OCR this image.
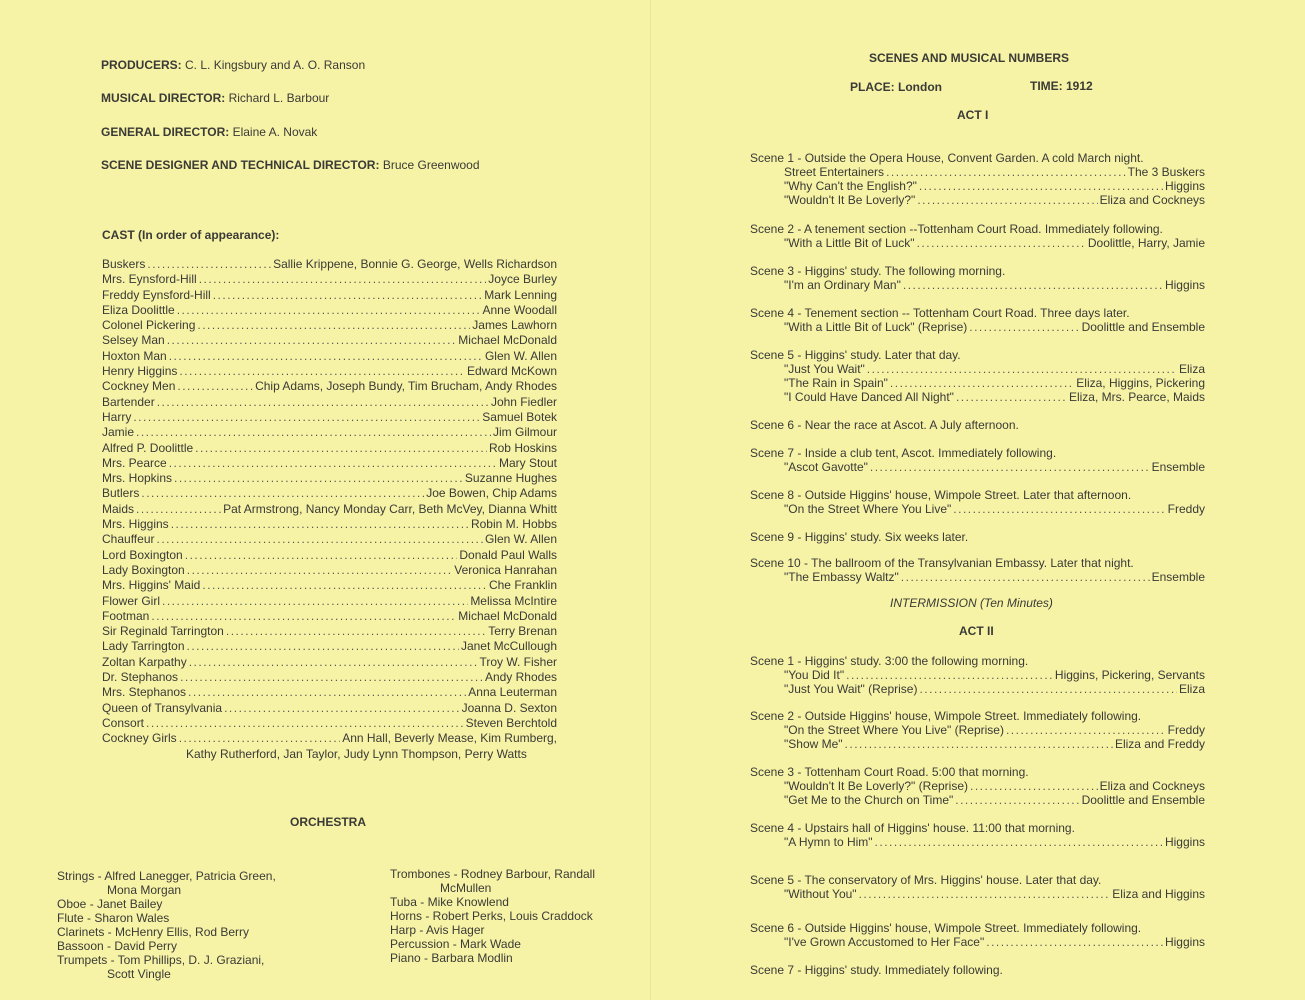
PRODUCERS: C. L. Kingsbury and A. O. Ranson
MUSICAL DIRECTOR: Richard L. Barbour
GENERAL DIRECTOR: Elaine A. Novak
SCENE DESIGNER AND TECHNICAL DIRECTOR: Bruce Greenwood
CAST (In order of appearance):
Buskers .....	Sallie Krippene, Bonnie G. George, Wells Richardson
Mrs. Eynsford-Hill .....	Joyce Burley
Freddy Eynsford-Hill .....	Mark Lenning
Eliza Doolittle .....	Anne Woodall
Colonel Pickering .....	James Lawhorn
Selsey Man .....	Michael McDonald
Hoxton Man .....	Glen W. Allen
Henry Higgins .....	Edward McKown
Cockney Men .....	Chip Adams, Joseph Bundy, Tim Brucham, Andy Rhodes
Bartender .....	John Fiedler
Harry .....	Samuel Botek
Jamie .....	Jim Gilmour
Alfred P. Doolittle .....	Rob Hoskins
Mrs. Pearce .....	Mary Stout
Mrs. Hopkins .....	Suzanne Hughes
Butlers .....	Joe Bowen, Chip Adams
Maids .....	Pat Armstrong, Nancy Monday Carr, Beth McVey, Dianna Whitt
Mrs. Higgins .....	Robin M. Hobbs
Chauffeur .....	Glen W. Allen
Lord Boxington .....	Donald Paul Walls
Lady Boxington .....	Veronica Hanrahan
Mrs. Higgins' Maid .....	Che Franklin
Flower Girl .....	Melissa McIntire
Footman .....	Michael McDonald
Sir Reginald Tarrington .....	Terry Brenan
Lady Tarrington .....	Janet McCullough
Zoltan Karpathy .....	Troy W. Fisher
Dr. Stephanos .....	Andy Rhodes
Mrs. Stephanos .....	Anna Leuterman
Queen of Transylvania .....	Joanna D. Sexton
Consort .....	Steven Berchtold
Cockney Girls .....	Ann Hall, Beverly Mease, Kim Rumberg,
Kathy Rutherford, Jan Taylor, Judy Lynn Thompson, Perry Watts
ORCHESTRA
Strings - Alfred Lanegger, Patricia Green,
Mona Morgan
Oboe - Janet Bailey
Flute - Sharon Wales
Clarinets - McHenry Ellis, Rod Berry
Bassoon - David Perry
Trumpets - Tom Phillips, D. J. Graziani,
Scott Vingle
Trombones - Rodney Barbour, Randall
McMullen
Tuba - Mike Knowlend
Horns - Robert Perks, Louis Craddock
Harp - Avis Hager
Percussion - Mark Wade
Piano - Barbara Modlin
SCENES AND MUSICAL NUMBERS
PLACE: London	TIME: 1912
ACT I
INTERMISSION (Ten Minutes)
ACT II
Scene 1 - Outside the Opera House, Convent Garden. A cold March night.
Street Entertainers .....	The 3 Buskers
"Why Can't the English?" .....	Higgins
"Wouldn't It Be Loverly?" .....	Eliza and Cockneys
Scene 2 - A tenement section --Tottenham Court Road. Immediately following.
"With a Little Bit of Luck" .....	Doolittle, Harry, Jamie
Scene 3 - Higgins' study. The following morning.
"I'm an Ordinary Man" .....	Higgins
Scene 4 - Tenement section -- Tottenham Court Road. Three days later.
"With a Little Bit of Luck" (Reprise) .....	Doolittle and Ensemble
Scene 5 - Higgins' study. Later that day.
"Just You Wait" .....	Eliza
"The Rain in Spain" .....	Eliza, Higgins, Pickering
"I Could Have Danced All Night" .....	Eliza, Mrs. Pearce, Maids
Scene 6 - Near the race at Ascot. A July afternoon.
Scene 7 - Inside a club tent, Ascot. Immediately following.
"Ascot Gavotte" .....	Ensemble
Scene 8 - Outside Higgins' house, Wimpole Street. Later that afternoon.
"On the Street Where You Live" .....	Freddy
Scene 9 - Higgins' study. Six weeks later.
Scene 10 - The ballroom of the Transylvanian Embassy. Later that night.
"The Embassy Waltz" .....	Ensemble
Scene 1 - Higgins' study. 3:00 the following morning.
"You Did It" .....	Higgins, Pickering, Servants
"Just You Wait" (Reprise) .....	Eliza
Scene 2 - Outside Higgins' house, Wimpole Street. Immediately following.
"On the Street Where You Live" (Reprise) .....	Freddy
"Show Me" .....	Eliza and Freddy
Scene 3 - Tottenham Court Road. 5:00 that morning.
"Wouldn't It Be Loverly?" (Reprise) .....	Eliza and Cockneys
"Get Me to the Church on Time" .....	Doolittle and Ensemble
Scene 4 - Upstairs hall of Higgins' house. 11:00 that morning.
"A Hymn to Him" .....	Higgins
Scene 5 - The conservatory of Mrs. Higgins' house. Later that day.
"Without You" .....	Eliza and Higgins
Scene 6 - Outside Higgins' house, Wimpole Street. Immediately following.
"I've Grown Accustomed to Her Face" .....	Higgins
Scene 7 - Higgins' study. Immediately following.
